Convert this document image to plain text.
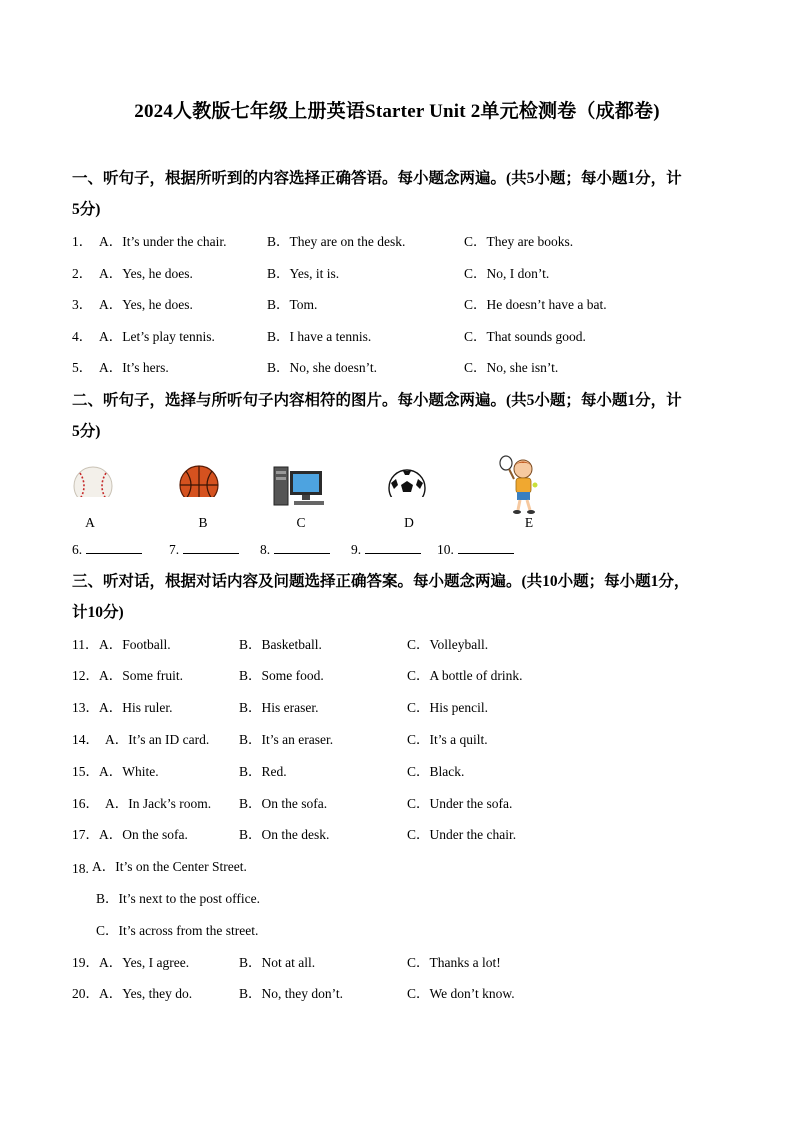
2024人教版七年级上册英语Starter Unit 2单元检测卷（成都卷)
一、听句子，根据所听到的内容选择正确答语。每小题念两遍。(共5小题；每小题1分，计
5分)
1． A．It’s under the chair.	B．They are on the desk.	C．They are books.
2． A．Yes, he does.	B．Yes, it is.	C．No, I don’t.
3． A．Yes, he does.	B．Tom.	C．He doesn’t have a bat.
4． A．Let’s play tennis.	B．I have a tennis.	C．That sounds good.
5． A．It’s hers.	B．No, she doesn’t.	C．No, she isn’t.
二、听句子，选择与所听句子内容相符的图片。每小题念两遍。(共5小题；每小题1分，计
5分)
A	B	C	D	E
6.	7.	8.	9.	10.
三、听对话，根据对话内容及问题选择正确答案。每小题念两遍。(共10小题；每小题1分，
计10分)
11． A．Football.	B．Basketball.	C．Volleyball.
12． A．Some fruit.	B．Some food.	C．A bottle of drink.
13． A．His ruler.	B．His eraser.	C．His pencil.
14． A．It’s an ID card. B．It’s an eraser.	C．It’s a quilt.
15． A．White.	B．Red.	C．Black.
16． A．In Jack’s room. B．On the sofa.	C．Under the sofa.
17． A．On the sofa.	B．On the desk.	C．Under the chair.
18. A．It’s on the Center Street.
B．It’s next to the post office.
C．It’s across from the street.
19． A．Yes, I agree.	B．Not at all.	C．Thanks a lot!
20． A．Yes, they do.	B．No, they don’t.	C．We don’t know.
